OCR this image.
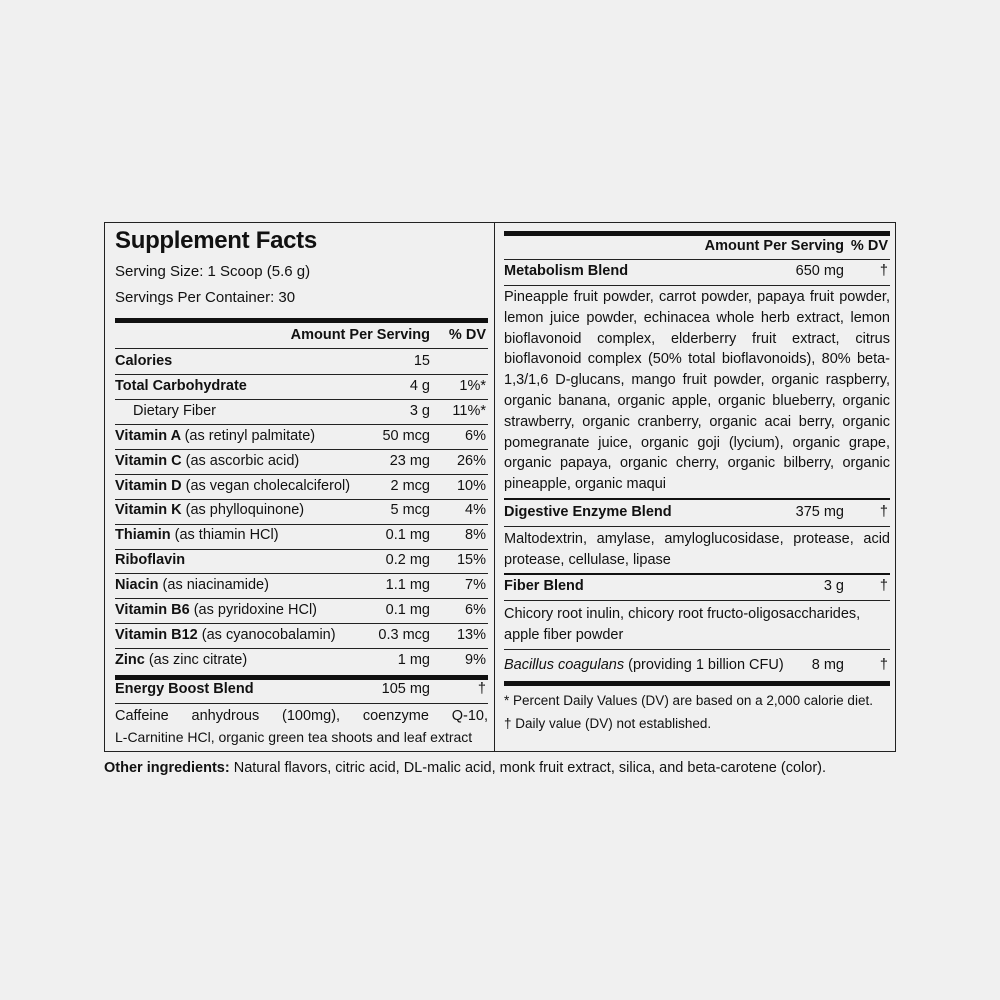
Supplement Facts
Serving Size: 1 Scoop (5.6 g)
Servings Per Container: 30
Amount Per Serving % DV
Calories	15
Total Carbohydrate	4 g 1%*
Dietary Fiber	3 g 11%*
Vitamin A (as retinyl palmitate)	50 mcg 6%
Vitamin C (as ascorbic acid)	23 mg 26%
Vitamin D (as vegan cholecalciferol)	2 mcg 10%
Vitamin K (as phylloquinone)	5 mcg 4%
Thiamin (as thiamin HCl)	0.1 mg 8%
Riboflavin	0.2 mg 15%
Niacin (as niacinamide)	1.1 mg 7%
Vitamin B6 (as pyridoxine HCl)	0.1 mg 6%
Vitamin B12 (as cyanocobalamin)	0.3 mcg 13%
Zinc (as zinc citrate)	1 mg 9%
Energy Boost Blend	105 mg	†
Caffeine anhydrous (100mg), coenzyme Q-10,
L-Carnitine HCl, organic green tea shoots and leaf extract
Amount Per Serving % DV
Metabolism Blend	650 mg †
Pineapple fruit powder, carrot powder, papaya fruit powder, lemon juice powder, echinacea whole herb extract, lemon bioflavonoid complex, elderberry fruit extract, citrus bioflavonoid complex (50% total bioflavonoids), 80% beta-1,3/1,6 D-glucans, mango fruit powder, organic raspberry, organic banana, organic apple, organic blueberry, organic strawberry, organic cranberry, organic acai berry, organic pomegranate juice, organic goji (lycium), organic grape, organic papaya, organic cherry, organic bilberry, organic pineapple, organic maqui
Digestive Enzyme Blend	375 mg †
Maltodextrin, amylase, amyloglucosidase, protease, acid protease, cellulase, lipase
Fiber Blend	3 g †
Chicory root inulin, chicory root fructo-oligosaccharides, apple fiber powder
Bacillus coagulans (providing 1 billion CFU) 8 mg †
* Percent Daily Values (DV) are based on a 2,000 calorie diet.
† Daily value (DV) not established.
Other ingredients: Natural flavors, citric acid, DL-malic acid, monk fruit extract, silica, and beta-carotene (color).
